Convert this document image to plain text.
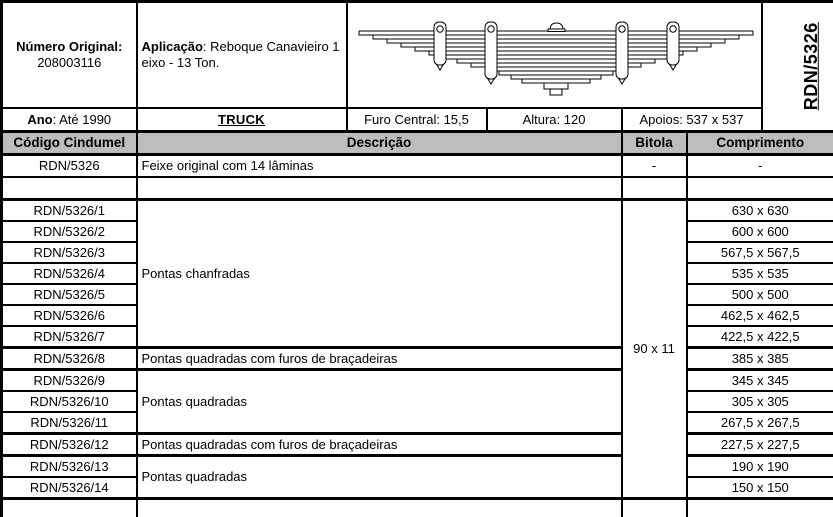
Número Original:
208003116	Aplicação: Reboque Canavieiro 1 eixo - 13 Ton.					RDN/5326
Ano: Até 1990	TRUCK	Furo Central: 15,5	Altura: 120	Apoios: 537 x 537		
Código Cindumel	Descrição			Bitola	Comprimento	
RDN/5326	Feixe original com 14 lâminas			-	-	

RDN/5326/1	Pontas chanfradas			90 x 11	630 x 630	
RDN/5326/2					600 x 600	
RDN/5326/3					567,5 x 567,5	
RDN/5326/4					535 x 535	
RDN/5326/5					500 x 500	
RDN/5326/6					462,5 x 462,5	
RDN/5326/7					422,5 x 422,5	
RDN/5326/8	Pontas quadradas com furos de braçadeiras				385 x 385	
RDN/5326/9	Pontas quadradas				345 x 345	
RDN/5326/10					305 x 305	
RDN/5326/11					267,5 x 267,5	
RDN/5326/12	Pontas quadradas com furos de braçadeiras				227,5 x 227,5	
RDN/5326/13	Pontas quadradas				190 x 190	
RDN/5326/14					150 x 150	
